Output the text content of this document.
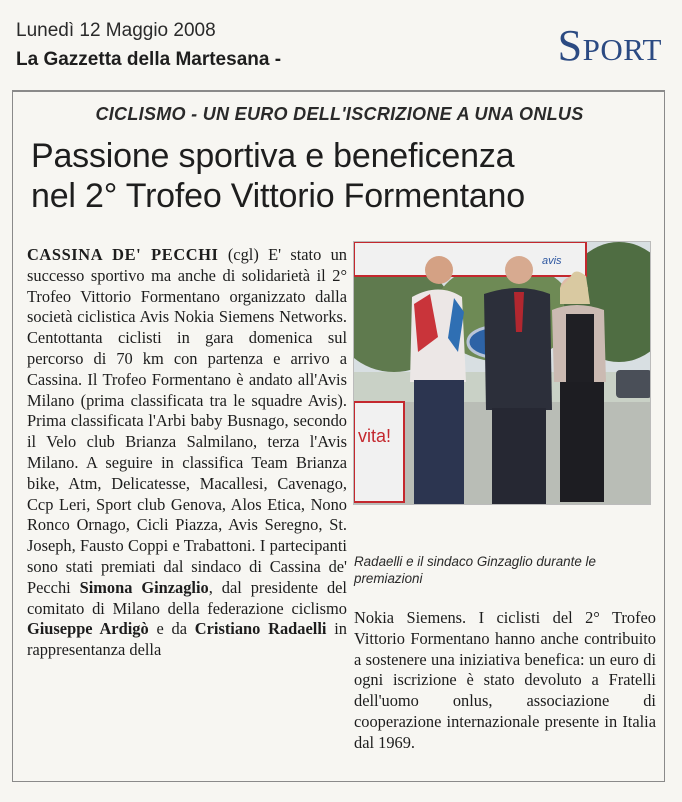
Lunedì 12 Maggio 2008
La Gazzetta della Martesana -	Sport
CICLISMO - UN EURO DELL'ISCRIZIONE A UNA ONLUS
Passione sportiva e beneficenza
nel 2° Trofeo Vittorio Formentano

CASSINA DE' PECCHI (cgl) E' stato un successo sportivo ma anche di solidarietà il 2° Trofeo Vittorio Formentano organizzato dalla società ciclistica Avis Nokia Siemens Networks. Centottanta ciclisti in gara domenica sul percorso di 70 km con partenza e arrivo a Cassina. Il Trofeo Formentano è andato all'Avis Milano (prima classificata tra le squadre Avis). Prima classificata l'Arbi baby Busnago, secondo il Velo club Brianza Salmilano, terza l'Avis Milano. A seguire in classifica Team Brianza bike, Atm, Delicatesse, Macallesi, Cavenago, Ccp Leri, Sport club Genova, Alos Etica, Nono Ronco Ornago, Cicli Piazza, Avis Seregno, St. Joseph, Fausto Coppi e Trabattoni. I partecipanti sono stati premiati dal sindaco di Cassina de' Pecchi Simona Ginzaglio, dal presidente del comitato di Milano della federazione ciclismo Giuseppe Ardigò e da Cristiano Radaelli in rappresentanza della

avis
vita!
Radaelli e il sindaco Ginzaglio durante le premiazioni

Nokia Siemens. I ciclisti del 2° Trofeo Vittorio Formentano hanno anche contribuito a sostenere una iniziativa benefica: un euro di ogni iscrizione è stato devoluto a Fratelli dell'uomo onlus, associazione di cooperazione internazionale presente in Italia dal 1969.
